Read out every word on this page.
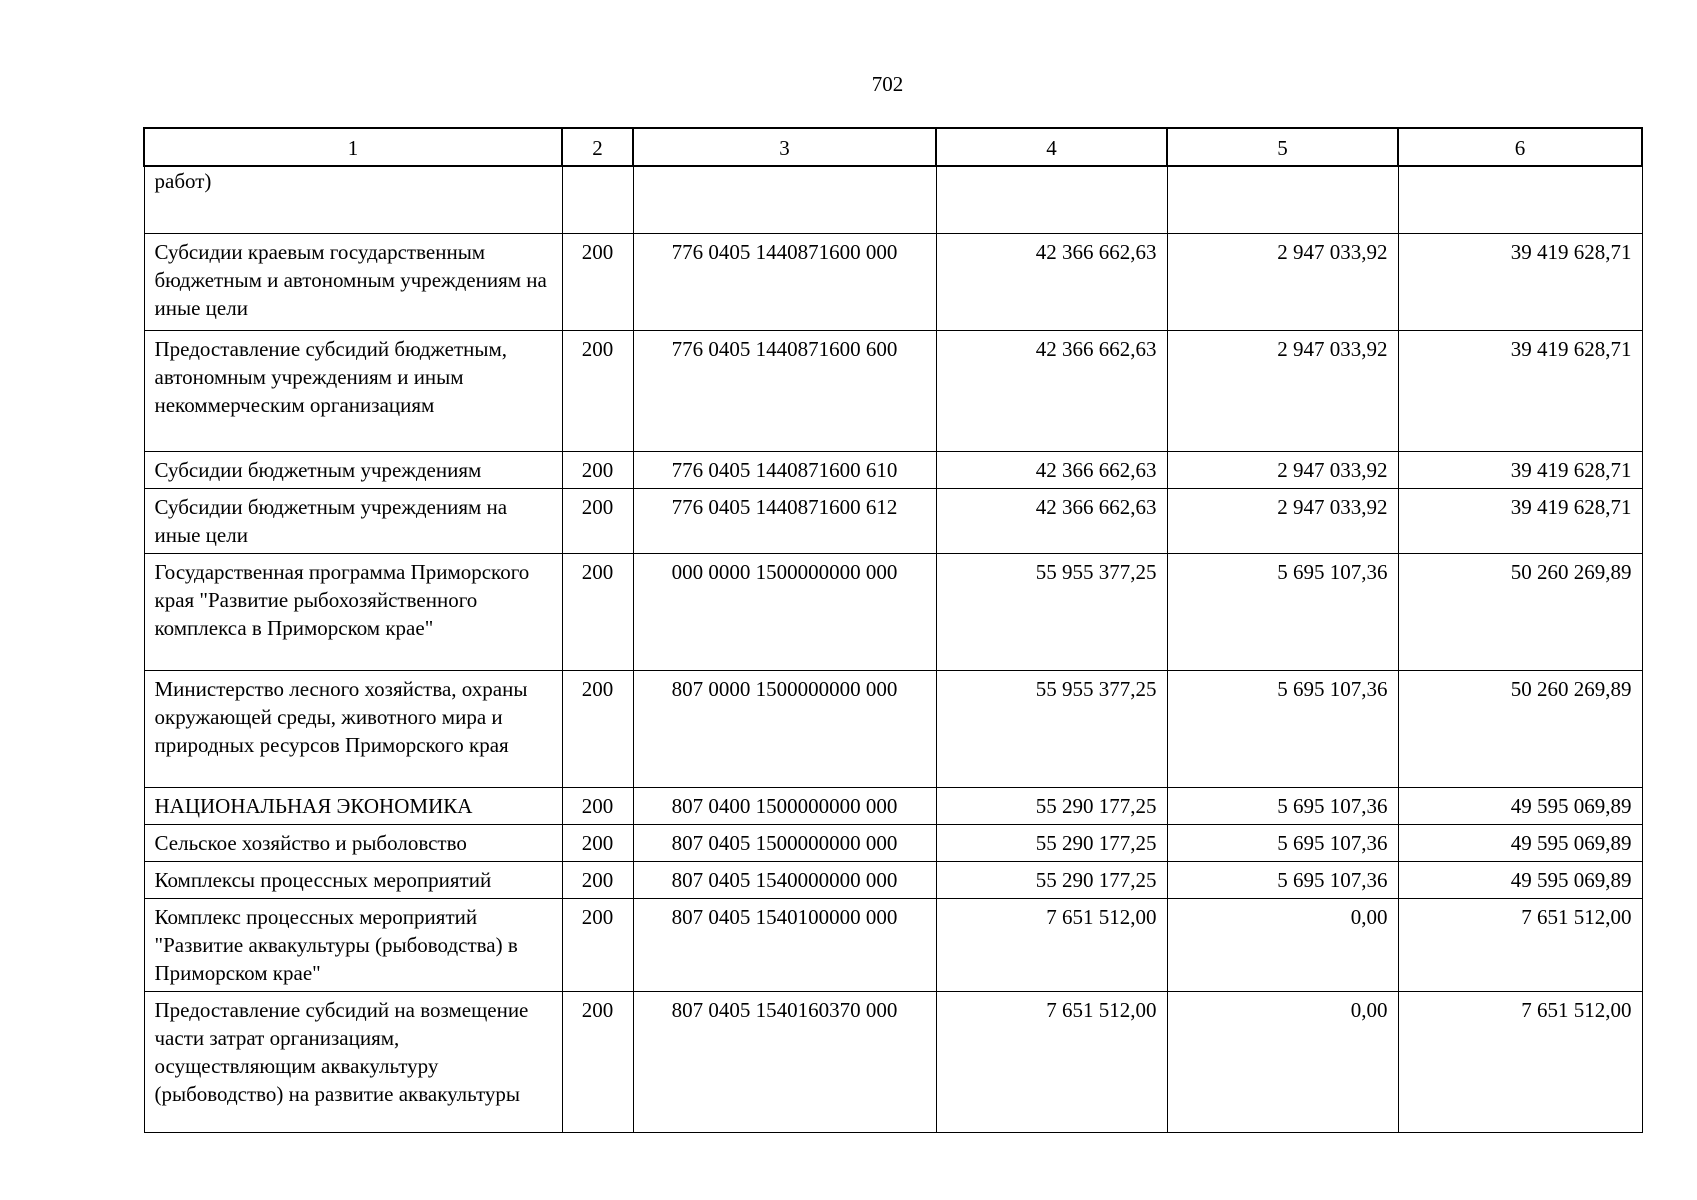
702
1	2	3	4	5	6
работ)					
Субсидии краевым государственным бюджетным и автономным учреждениям на иные цели	200	776 0405 1440871600 000	42 366 662,63	2 947 033,92	39 419 628,71
Предоставление субсидий бюджетным, автономным учреждениям и иным некоммерческим организациям	200	776 0405 1440871600 600	42 366 662,63	2 947 033,92	39 419 628,71
Субсидии бюджетным учреждениям	200	776 0405 1440871600 610	42 366 662,63	2 947 033,92	39 419 628,71
Субсидии бюджетным учреждениям на иные цели	200	776 0405 1440871600 612	42 366 662,63	2 947 033,92	39 419 628,71
Государственная программа Приморского края "Развитие рыбохозяйственного комплекса в Приморском крае"	200	000 0000 1500000000 000	55 955 377,25	5 695 107,36	50 260 269,89
Министерство лесного хозяйства, охраны окружающей среды, животного мира и природных ресурсов Приморского края	200	807 0000 1500000000 000	55 955 377,25	5 695 107,36	50 260 269,89
НАЦИОНАЛЬНАЯ ЭКОНОМИКА	200	807 0400 1500000000 000	55 290 177,25	5 695 107,36	49 595 069,89
Сельское хозяйство и рыболовство	200	807 0405 1500000000 000	55 290 177,25	5 695 107,36	49 595 069,89
Комплексы процессных мероприятий	200	807 0405 1540000000 000	55 290 177,25	5 695 107,36	49 595 069,89
Комплекс процессных мероприятий "Развитие аквакультуры (рыбоводства) в Приморском крае"	200	807 0405 1540100000 000	7 651 512,00	0,00	7 651 512,00
Предоставление субсидий на возмещение части затрат организациям, осуществляющим аквакультуру (рыбоводство) на развитие аквакультуры	200	807 0405 1540160370 000	7 651 512,00	0,00	7 651 512,00
